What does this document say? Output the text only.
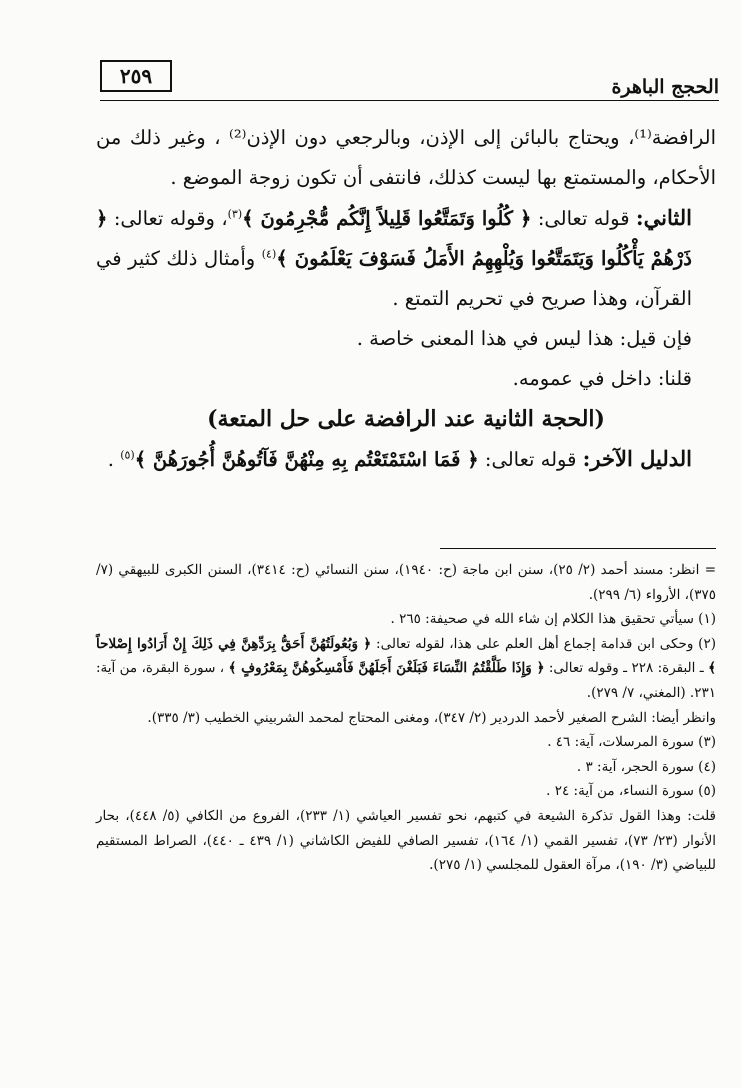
الحجج الباهرة
٢٥٩

الرافضة⁽¹⁾، ويحتاج بالبائن إلى الإذن، وبالرجعي دون الإذن⁽²⁾ ، وغير ذلك من الأحكام، والمستمتع بها ليست كذلك، فانتفى أن تكون زوجة الموضع .

الثاني: قوله تعالى: ﴿ كُلُوا وَتَمَتَّعُوا قَلِيلاً إِنَّكُم مُّجْرِمُونَ ﴾$^{(٣)}$، وقوله تعالى: ﴿ ذَرْهُمْ يَأْكُلُوا وَيَتَمَتَّعُوا وَيُلْهِهِمُ الأَمَلُ فَسَوْفَ يَعْلَمُونَ ﴾$^{(٤)}$ وأمثال ذلك كثير في القرآن، وهذا صريح في تحريم التمتع .

فإن قيل: هذا ليس في هذا المعنى خاصة .

قلنا: داخل في عمومه.

(الحجة الثانية عند الرافضة على حل المتعة)

الدليل الآخر: قوله تعالى: ﴿ فَمَا اسْتَمْتَعْتُم بِهِ مِنْهُنَّ فَآتُوهُنَّ أُجُورَهُنَّ ﴾$^{(٥)}$ .

= انظر: مسند أحمد (٢/ ٢٥)، سنن ابن ماجة (ح: ١٩٤٠)، سنن النسائي (ح: ٣٤١٤)، السنن الكبرى للبيهقي (٧/ ٣٧٥)، الأرواء (٦/ ٢٩٩).

(١) سيأتي تحقيق هذا الكلام إن شاء الله في صحيفة: ٢٦٥ .

(٢) وحكى ابن قدامة إجماع أهل العلم على هذا، لقوله تعالى: ﴿ وَبُعُولَتُهُنَّ أَحَقُّ بِرَدِّهِنَّ فِي ذَلِكَ إِنْ أَرَادُوا إِصْلاحاً ﴾ ـ البقرة: ٢٢٨ ـ وقوله تعالى: ﴿ وَإِذَا طَلَّقْتُمُ النِّسَاءَ فَبَلَغْنَ أَجَلَهُنَّ فَأَمْسِكُوهُنَّ بِمَعْرُوفٍ ﴾ ، سورة البقرة، من آية: ٢٣١. (المغني، ٧/ ٢٧٩).

وانظر أيضا: الشرح الصغير لأحمد الدردير (٢/ ٣٤٧)، ومغنى المحتاج لمحمد الشربيني الخطيب (٣/ ٣٣٥).

(٣) سورة المرسلات، آية: ٤٦ .

(٤) سورة الحجر، آية: ٣ .

(٥) سورة النساء، من آية: ٢٤ .

قلت: وهذا القول تذكرة الشيعة في كتبهم، نحو تفسير العياشي (١/ ٢٣٣)، الفروع من الكافي (٥/ ٤٤٨)، بحار الأنوار (٢٣/ ٧٣)، تفسير القمي (١/ ١٦٤)، تفسير الصافي للفيض الكاشاني (١/ ٤٣٩ ـ ٤٤٠)، الصراط المستقيم للبياضي (٣/ ١٩٠)، مرآة العقول للمجلسي (١/ ٢٧٥).
